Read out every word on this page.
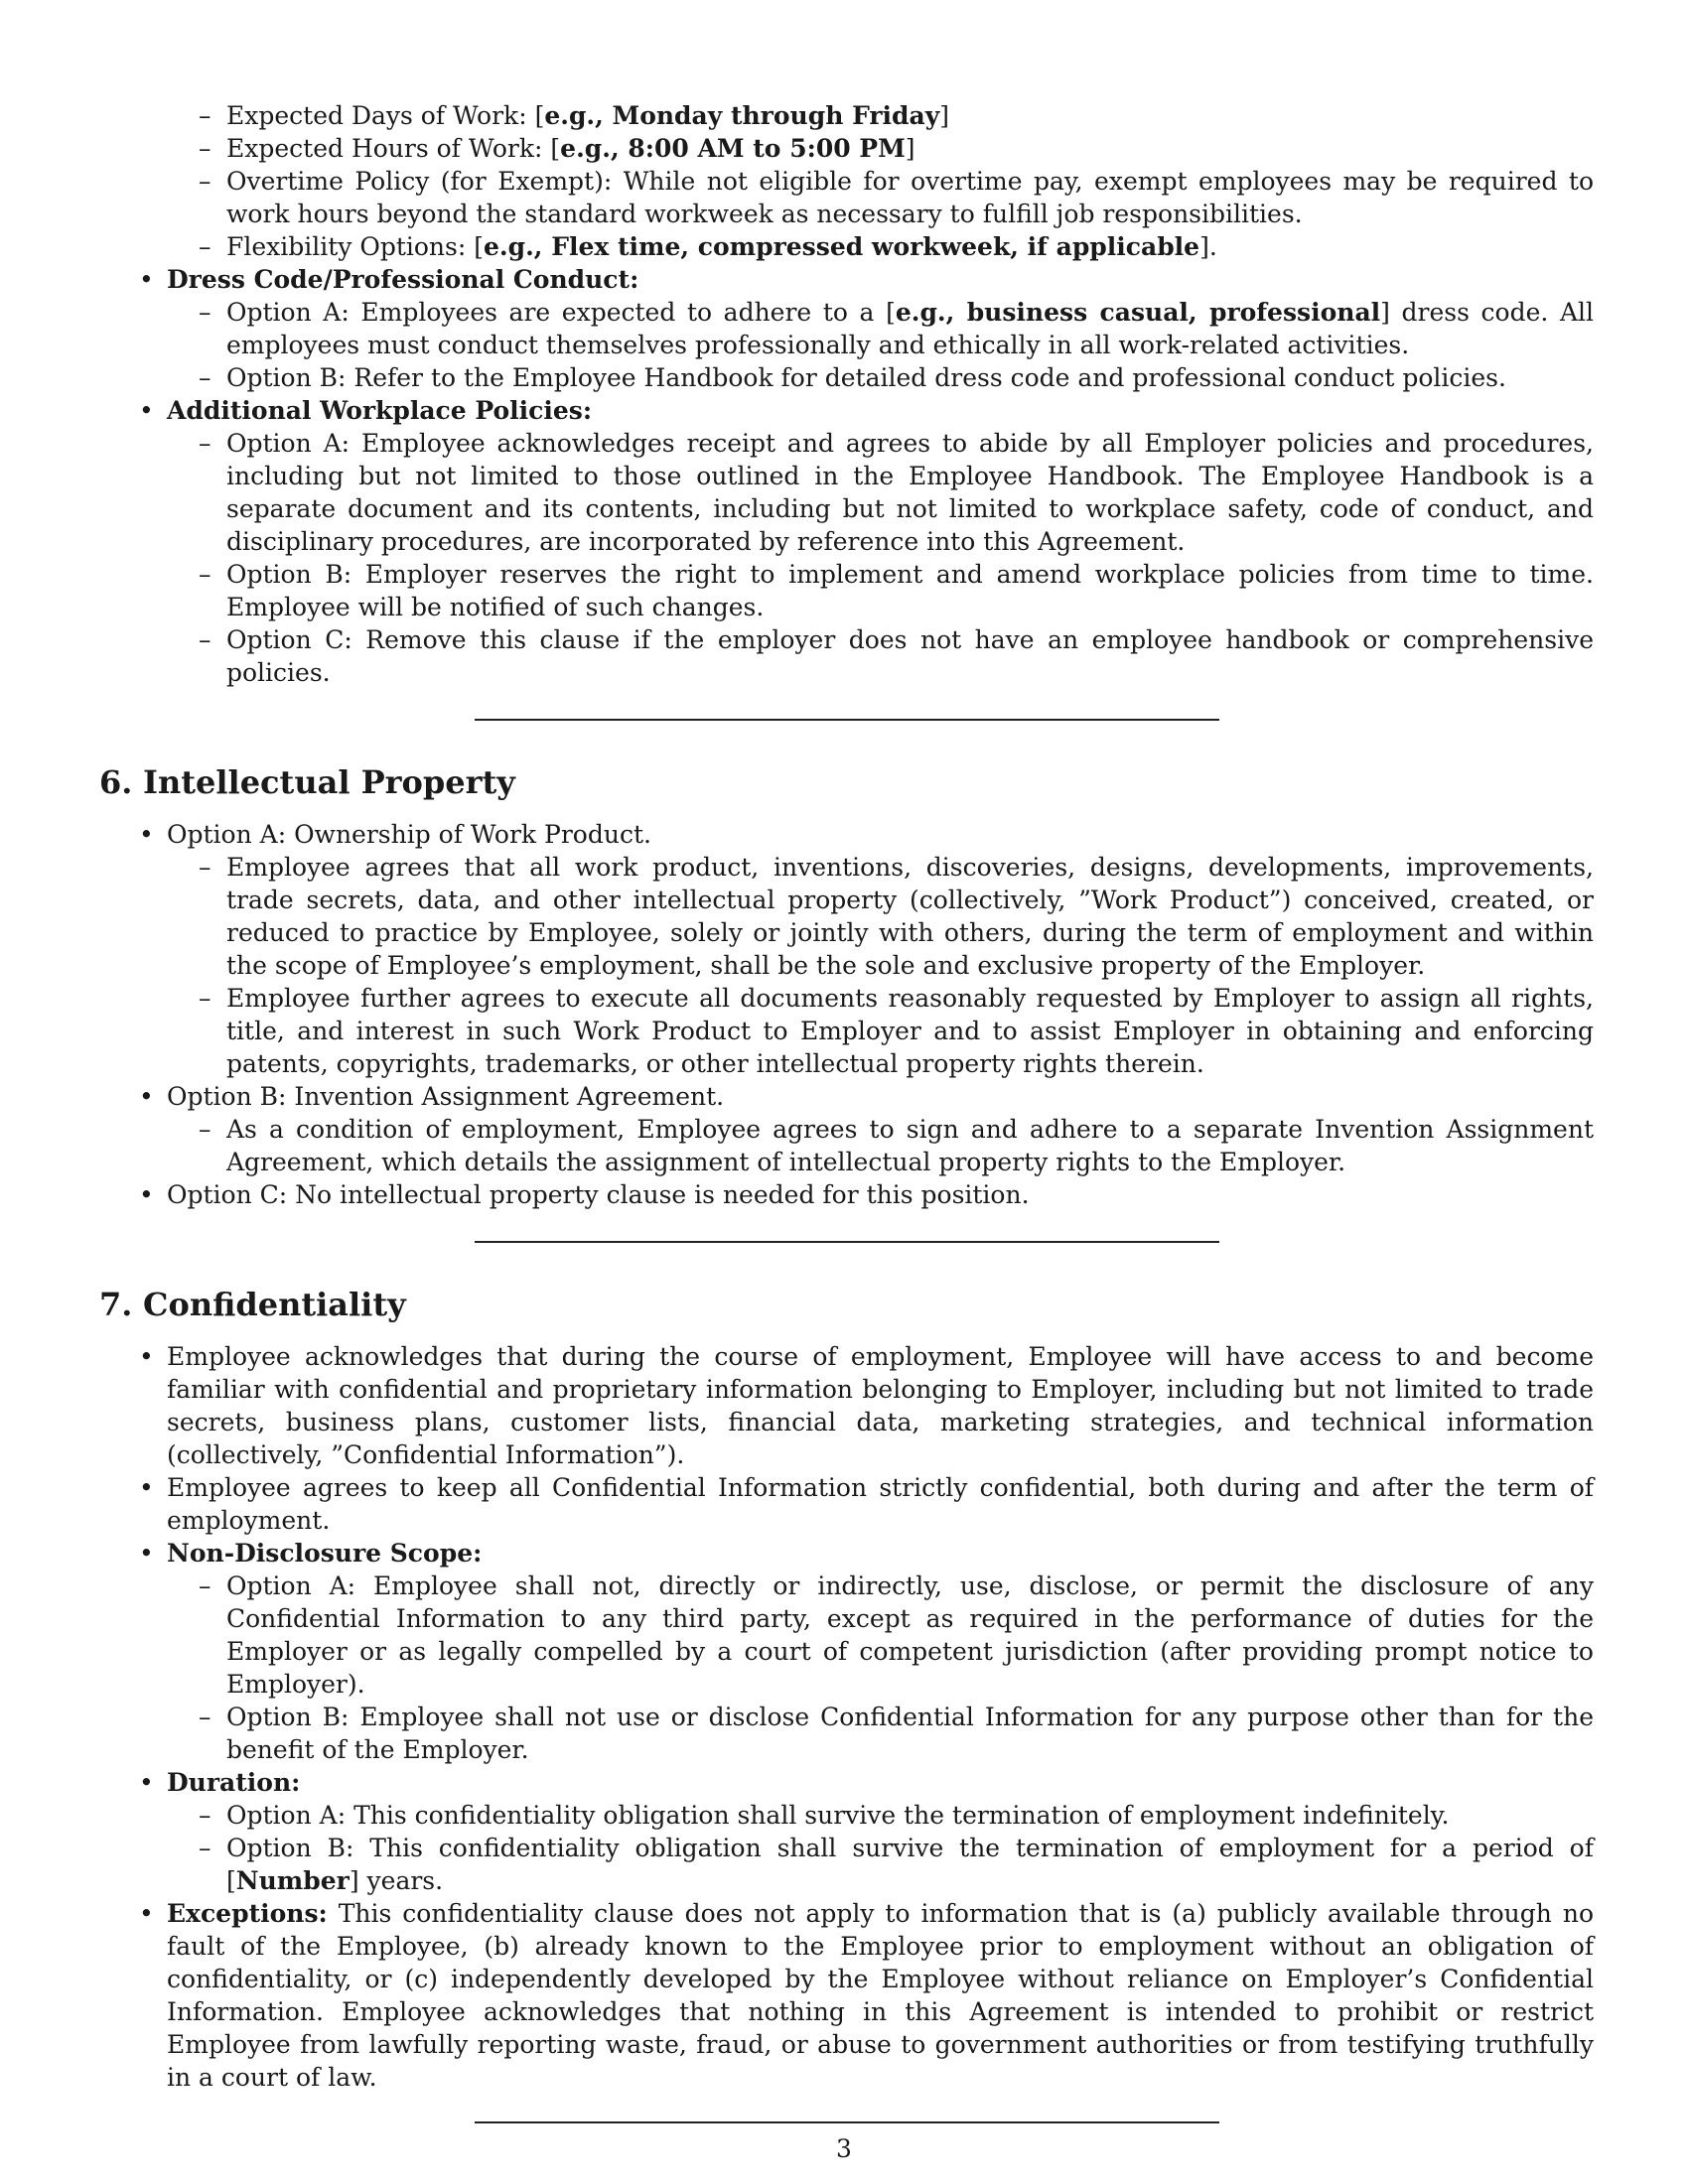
– Expected Days of Work: [e.g., Monday through Friday]
– Expected Hours of Work: [e.g., 8:00 AM to 5:00 PM]
– Overtime Policy (for Exempt): While not eligible for overtime pay, exempt employees may be required to work hours beyond the standard workweek as necessary to fulfill job responsibilities.
– Flexibility Options: [e.g., Flex time, compressed workweek, if applicable].
• Dress Code/Professional Conduct:
– Option A: Employees are expected to adhere to a [e.g., business casual, professional] dress code. All employees must conduct themselves professionally and ethically in all work-related activities.
– Option B: Refer to the Employee Handbook for detailed dress code and professional conduct policies.
• Additional Workplace Policies:
– Option A: Employee acknowledges receipt and agrees to abide by all Employer policies and procedures, including but not limited to those outlined in the Employee Handbook. The Employee Handbook is a separate document and its contents, including but not limited to workplace safety, code of conduct, and disciplinary procedures, are incorporated by reference into this Agreement.
– Option B: Employer reserves the right to implement and amend workplace policies from time to time. Employee will be notified of such changes.
– Option C: Remove this clause if the employer does not have an employee handbook or comprehensive policies.
6. Intellectual Property
• Option A: Ownership of Work Product.
– Employee agrees that all work product, inventions, discoveries, designs, developments, improvements, trade secrets, data, and other intellectual property (collectively, ”Work Product”) conceived, created, or reduced to practice by Employee, solely or jointly with others, during the term of employment and within the scope of Employee’s employment, shall be the sole and exclusive property of the Employer.
– Employee further agrees to execute all documents reasonably requested by Employer to assign all rights, title, and interest in such Work Product to Employer and to assist Employer in obtaining and enforcing patents, copyrights, trademarks, or other intellectual property rights therein.
• Option B: Invention Assignment Agreement.
– As a condition of employment, Employee agrees to sign and adhere to a separate Invention Assignment Agreement, which details the assignment of intellectual property rights to the Employer.
• Option C: No intellectual property clause is needed for this position.
7. Confidentiality
• Employee acknowledges that during the course of employment, Employee will have access to and become familiar with confidential and proprietary information belonging to Employer, including but not limited to trade secrets, business plans, customer lists, financial data, marketing strategies, and technical information (collectively, ”Confidential Information”).
• Employee agrees to keep all Confidential Information strictly confidential, both during and after the term of employment.
• Non-Disclosure Scope:
– Option A: Employee shall not, directly or indirectly, use, disclose, or permit the disclosure of any Confidential Information to any third party, except as required in the performance of duties for the Employer or as legally compelled by a court of competent jurisdiction (after providing prompt notice to Employer).
– Option B: Employee shall not use or disclose Confidential Information for any purpose other than for the benefit of the Employer.
• Duration:
– Option A: This confidentiality obligation shall survive the termination of employment indefinitely.
– Option B: This confidentiality obligation shall survive the termination of employment for a period of [Number] years.
• Exceptions: This confidentiality clause does not apply to information that is (a) publicly available through no fault of the Employee, (b) already known to the Employee prior to employment without an obligation of confidentiality, or (c) independently developed by the Employee without reliance on Employer’s Confidential Information. Employee acknowledges that nothing in this Agreement is intended to prohibit or restrict Employee from lawfully reporting waste, fraud, or abuse to government authorities or from testifying truthfully in a court of law.
3
